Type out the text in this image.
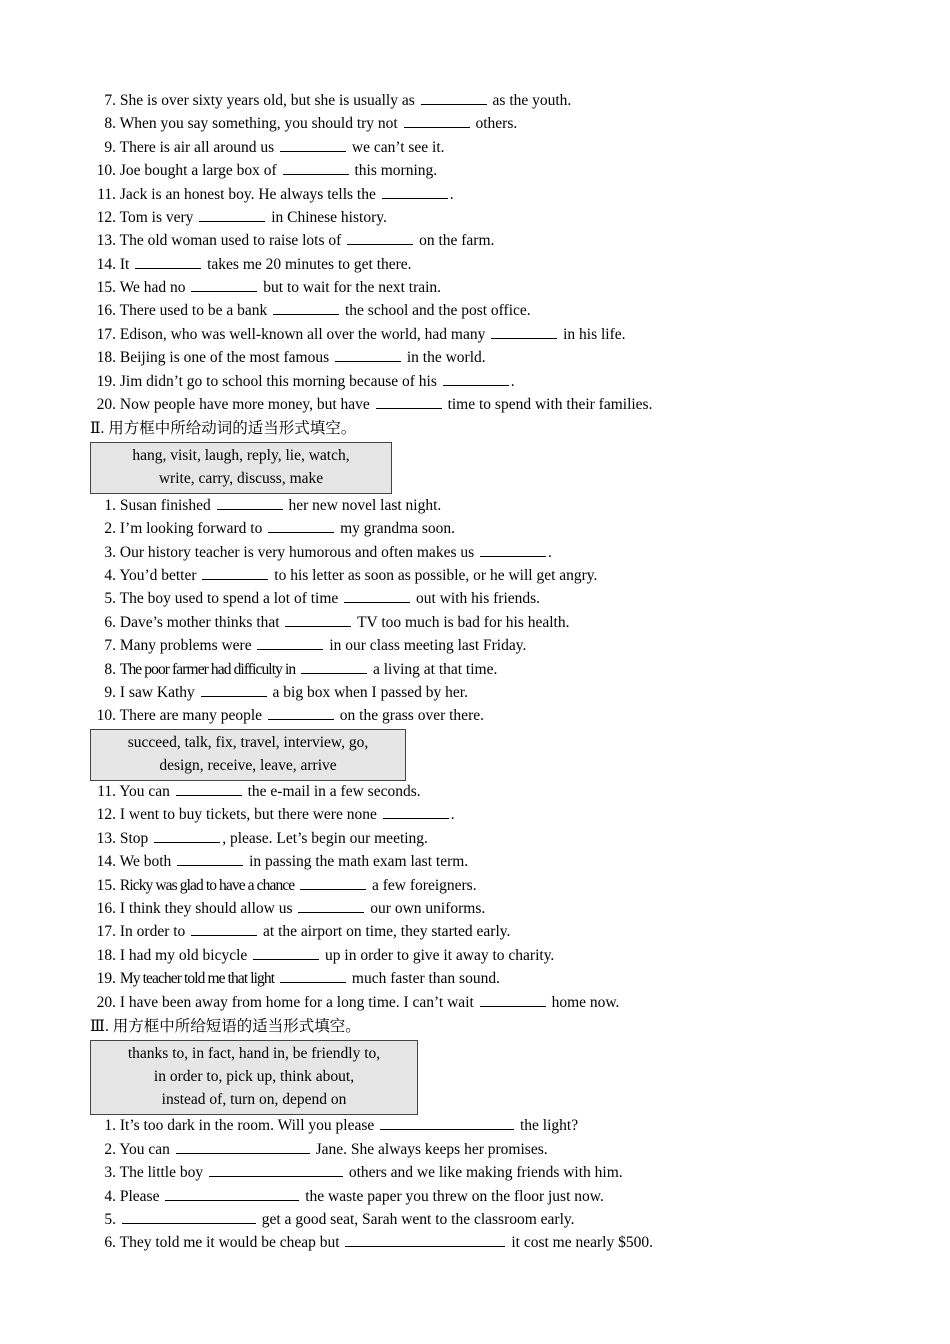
7. She is over sixty years old, but she is usually as	as the youth.
8. When you say something, you should try not	others.
9. There is air all around us	we can’t see it.
10. Joe bought a large box of	this morning.
11. Jack is an honest boy. He always tells the	.
12. Tom is very	in Chinese history.
13. The old woman used to raise lots of	on the farm.
14. It	takes me 20 minutes to get there.
15. We had no	but to wait for the next train.
16. There used to be a bank	the school and the post office.
17. Edison, who was well-known all over the world, had many	in his life.
18. Beijing is one of the most famous	in the world.
19. Jim didn’t go to school this morning because of his	.
20. Now people have more money, but have	time to spend with their families.
Ⅱ. 用方框中所给动词的适当形式填空。
hang, visit, laugh, reply, lie, watch,
write, carry, discuss, make
1. Susan finished	her new novel last night.
2. I’m looking forward to	my grandma soon.
3. Our history teacher is very humorous and often makes us	.
4. You’d better	to his letter as soon as possible, or he will get angry.
5. The boy used to spend a lot of time	out with his friends.
6. Dave’s mother thinks that	TV too much is bad for his health.
7. Many problems were	in our class meeting last Friday.
8. The poor farmer had difficulty in	a living at that time.
9. I saw Kathy	a big box when I passed by her.
10. There are many people	on the grass over there.
succeed, talk, fix, travel, interview, go,
design, receive, leave, arrive
11. You can	the e-mail in a few seconds.
12. I went to buy tickets, but there were none	.
13. Stop	, please. Let’s begin our meeting.
14. We both	in passing the math exam last term.
15. Ricky was glad to have a chance	a few foreigners.
16. I think they should allow us	our own uniforms.
17. In order to	at the airport on time, they started early.
18. I had my old bicycle	up in order to give it away to charity.
19. My teacher told me that light	much faster than sound.
20. I have been away from home for a long time. I can’t wait	home now.
Ⅲ. 用方框中所给短语的适当形式填空。
thanks to, in fact, hand in, be friendly to,
in order to, pick up, think about,
instead of, turn on, depend on
1. It’s too dark in the room. Will you please	the light?
2. You can	Jane. She always keeps her promises.
3. The little boy	others and we like making friends with him.
4. Please	the waste paper you threw on the floor just now.
5.	get a good seat, Sarah went to the classroom early.
6. They told me it would be cheap but	it cost me nearly $500.
